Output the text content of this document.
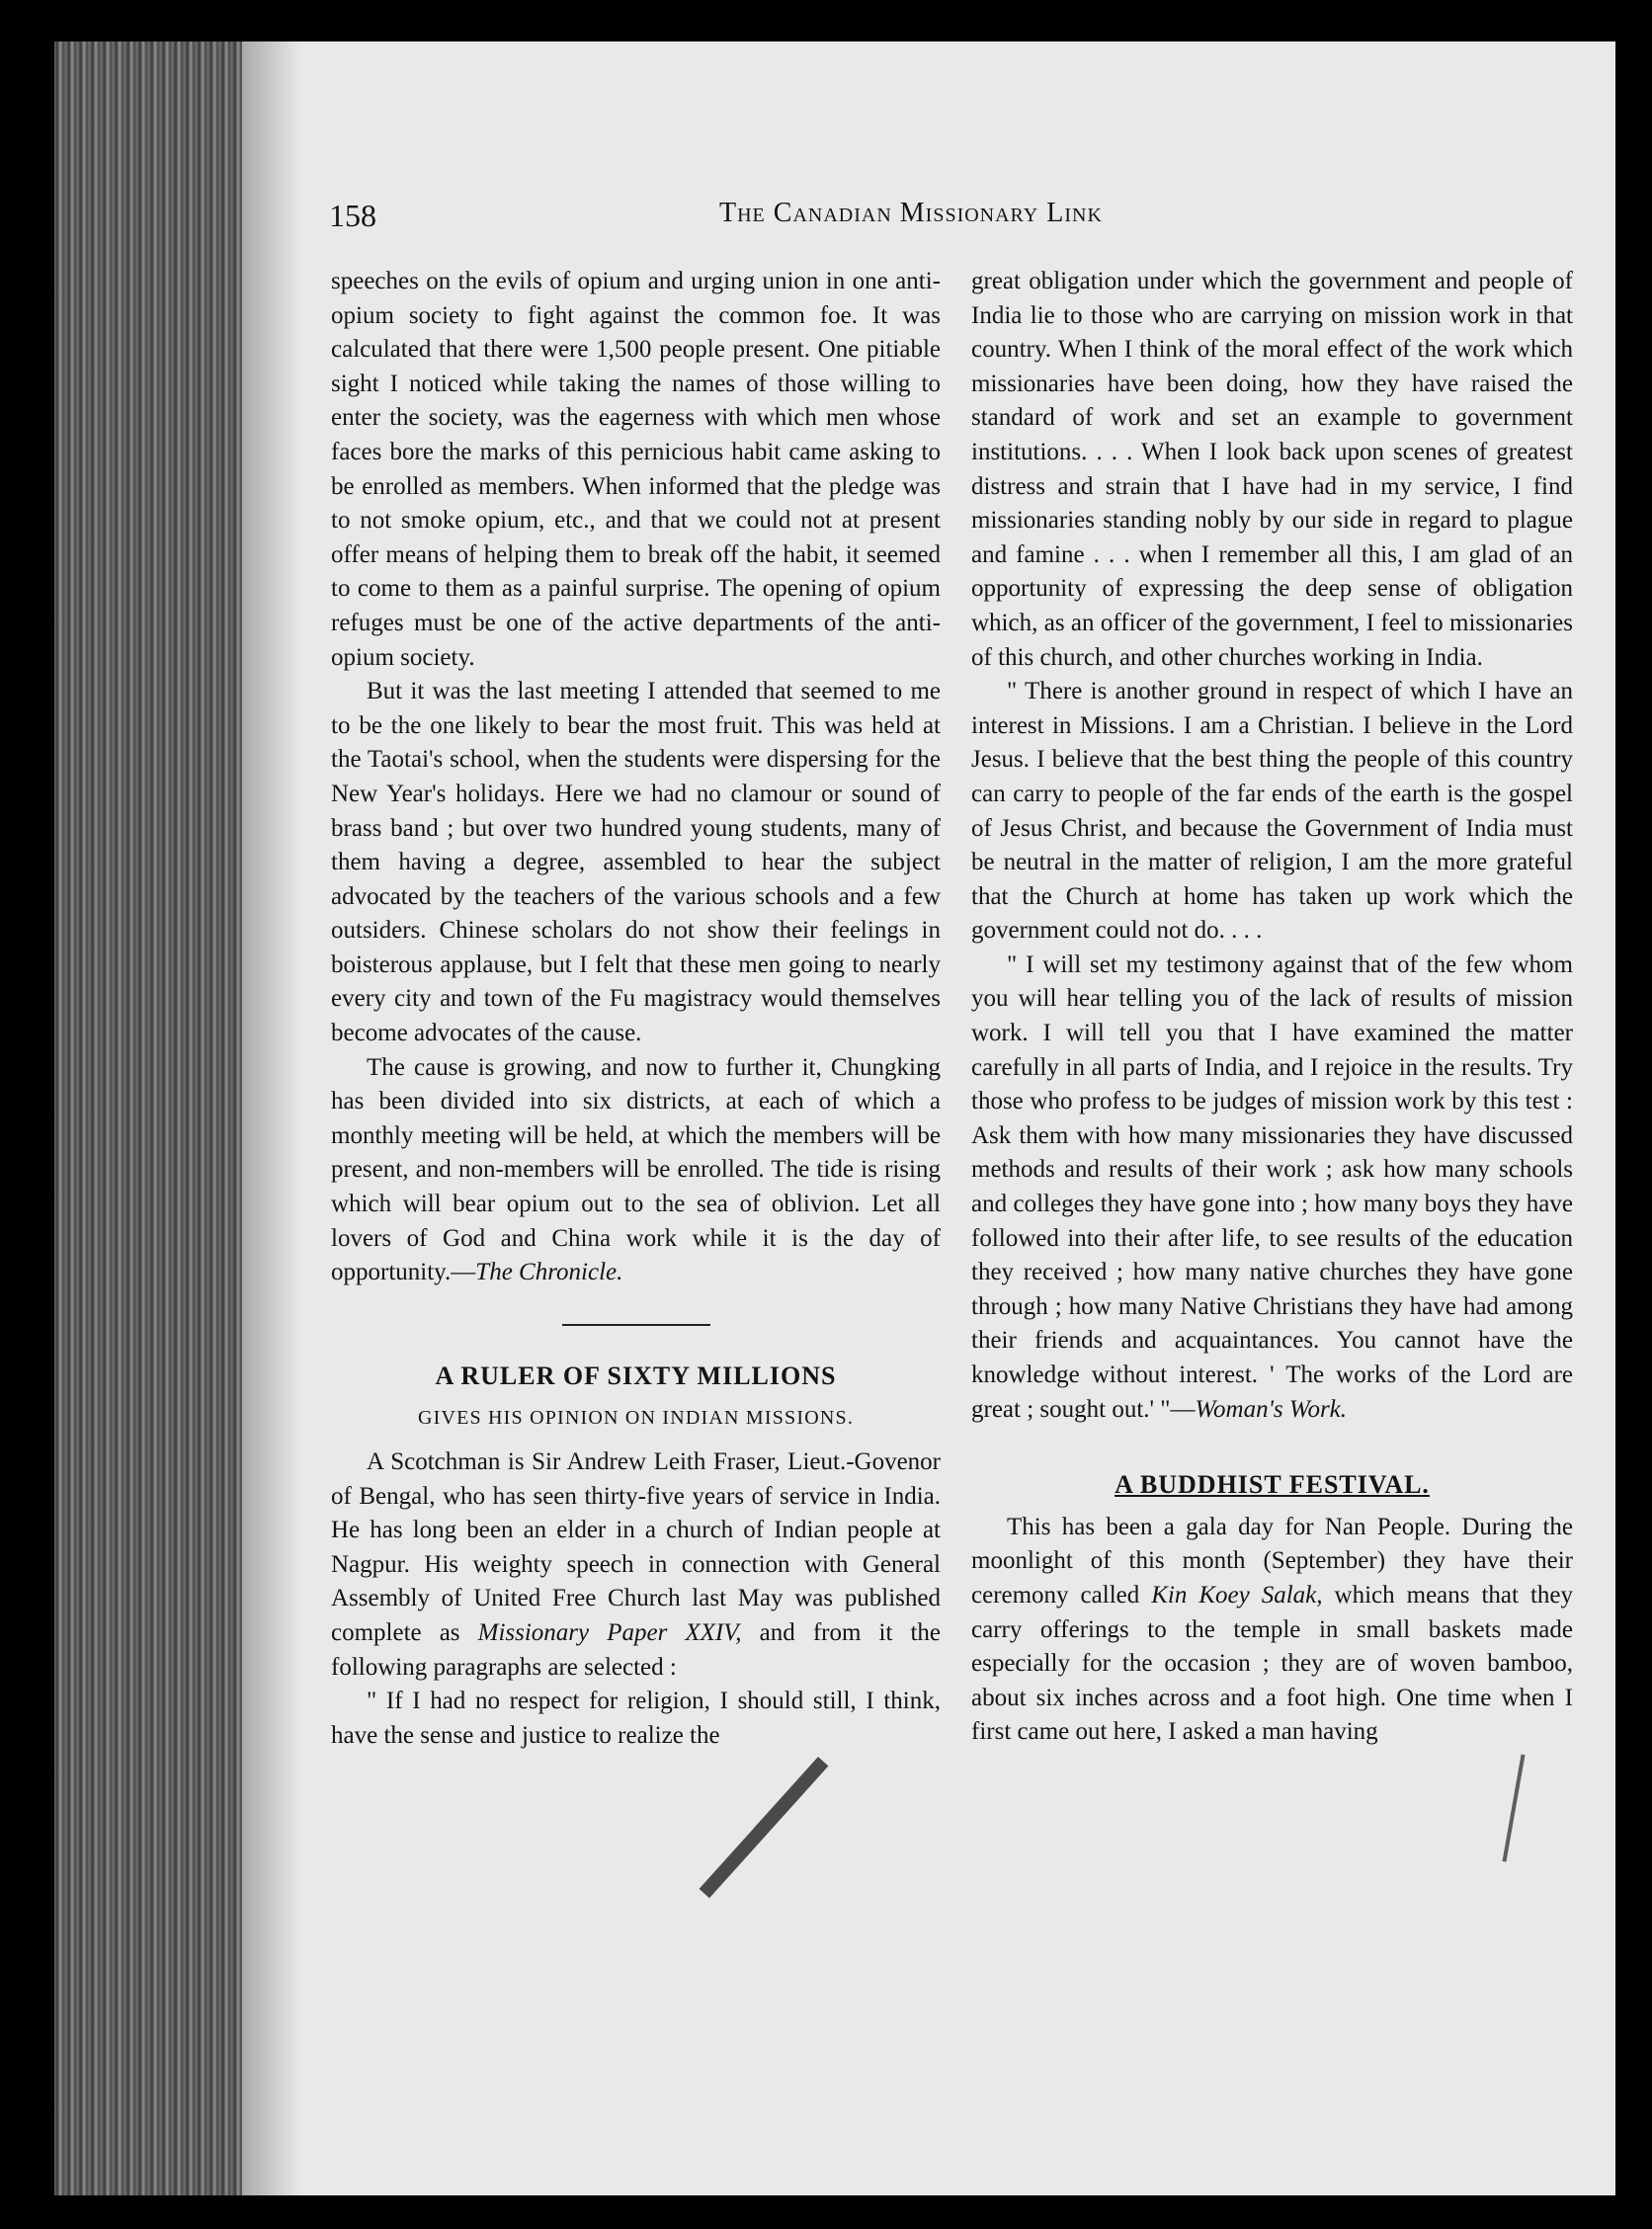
158	The Canadian Missionary Link

speeches on the evils of opium and urging union in one anti-opium society to fight against the common foe. It was calculated that there were 1,500 people present. One pitiable sight I noticed while taking the names of those willing to enter the society, was the eagerness with which men whose faces bore the marks of this pernicious habit came asking to be enrolled as members. When informed that the pledge was to not smoke opium, etc., and that we could not at present offer means of helping them to break off the habit, it seemed to come to them as a painful surprise. The opening of opium refuges must be one of the active departments of the anti-opium society.

But it was the last meeting I attended that seemed to me to be the one likely to bear the most fruit. This was held at the Taotai's school, when the students were dispersing for the New Year's holidays. Here we had no clamour or sound of brass band ; but over two hundred young students, many of them having a degree, assembled to hear the subject advocated by the teachers of the various schools and a few outsiders. Chinese scholars do not show their feelings in boisterous applause, but I felt that these men going to nearly every city and town of the Fu magistracy would themselves become advocates of the cause.

The cause is growing, and now to further it, Chungking has been divided into six districts, at each of which a monthly meeting will be held, at which the members will be present, and non-members will be enrolled. The tide is rising which will bear opium out to the sea of oblivion. Let all lovers of God and China work while it is the day of opportunity.—The Chronicle.

A RULER OF SIXTY MILLIONS
GIVES HIS OPINION ON INDIAN MISSIONS.

A Scotchman is Sir Andrew Leith Fraser, Lieut.-Govenor of Bengal, who has seen thirty-five years of service in India. He has long been an elder in a church of Indian people at Nagpur. His weighty speech in connection with General Assembly of United Free Church last May was published complete as Missionary Paper XXIV, and from it the following paragraphs are selected :

" If I had no respect for religion, I should still, I think, have the sense and justice to realize the

great obligation under which the government and people of India lie to those who are carrying on mission work in that country. When I think of the moral effect of the work which missionaries have been doing, how they have raised the standard of work and set an example to government institutions. . . . When I look back upon scenes of greatest distress and strain that I have had in my service, I find missionaries standing nobly by our side in regard to plague and famine . . . when I remember all this, I am glad of an opportunity of expressing the deep sense of obligation which, as an officer of the government, I feel to missionaries of this church, and other churches working in India.

" There is another ground in respect of which I have an interest in Missions. I am a Christian. I believe in the Lord Jesus. I believe that the best thing the people of this country can carry to people of the far ends of the earth is the gospel of Jesus Christ, and because the Government of India must be neutral in the matter of religion, I am the more grateful that the Church at home has taken up work which the government could not do. . . .

" I will set my testimony against that of the few whom you will hear telling you of the lack of results of mission work. I will tell you that I have examined the matter carefully in all parts of India, and I rejoice in the results. Try those who profess to be judges of mission work by this test : Ask them with how many missionaries they have discussed methods and results of their work ; ask how many schools and colleges they have gone into ; how many boys they have followed into their after life, to see results of the education they received ; how many native churches they have gone through ; how many Native Christians they have had among their friends and acquaintances. You cannot have the knowledge without interest. ' The works of the Lord are great ; sought out.' "—Woman's Work.

A BUDDHIST FESTIVAL.

This has been a gala day for Nan People. During the moonlight of this month (September) they have their ceremony called Kin Koey Salak, which means that they carry offerings to the temple in small baskets made especially for the occasion ; they are of woven bamboo, about six inches across and a foot high. One time when I first came out here, I asked a man having
